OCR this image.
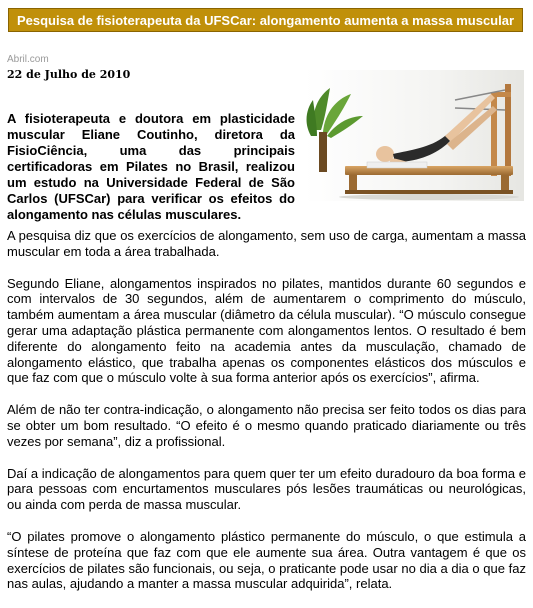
Pesquisa de fisioterapeuta da UFSCar: alongamento aumenta a massa muscular
Abril.com
22 de Julho de 2010
A fisioterapeuta e doutora em plasticidade muscular Eliane Coutinho, diretora da FisioCiência, uma das principais certificadoras em Pilates no Brasil, realizou um estudo na Universidade Federal de São Carlos (UFSCar) para verificar os efeitos do alongamento nas células musculares.

A pesquisa diz que os exercícios de alongamento, sem uso de carga, aumentam a massa muscular em toda a área trabalhada.

Segundo Eliane, alongamentos inspirados no pilates, mantidos durante 60 segundos e com intervalos de 30 segundos, além de aumentarem o comprimento do músculo, também aumentam a área muscular (diâmetro da célula muscular). “O músculo consegue gerar uma adaptação plástica permanente com alongamentos lentos. O resultado é bem diferente do alongamento feito na academia antes da musculação, chamado de alongamento elástico, que trabalha apenas os componentes elásticos dos músculos e que faz com que o músculo volte à sua forma anterior após os exercícios”, afirma.

Além de não ter contra-indicação, o alongamento não precisa ser feito todos os dias para se obter um bom resultado. “O efeito é o mesmo quando praticado diariamente ou três vezes por semana”, diz a profissional.

Daí a indicação de alongamentos para quem quer ter um efeito duradouro da boa forma e para pessoas com encurtamentos musculares pós lesões traumáticas ou neurológicas, ou ainda com perda de massa muscular.

“O pilates promove o alongamento plástico permanente do músculo, o que estimula a síntese de proteína que faz com que ele aumente sua área. Outra vantagem é que os exercícios de pilates são funcionais, ou seja, o praticante pode usar no dia a dia o que faz nas aulas, ajudando a manter a massa muscular adquirida”, relata.
